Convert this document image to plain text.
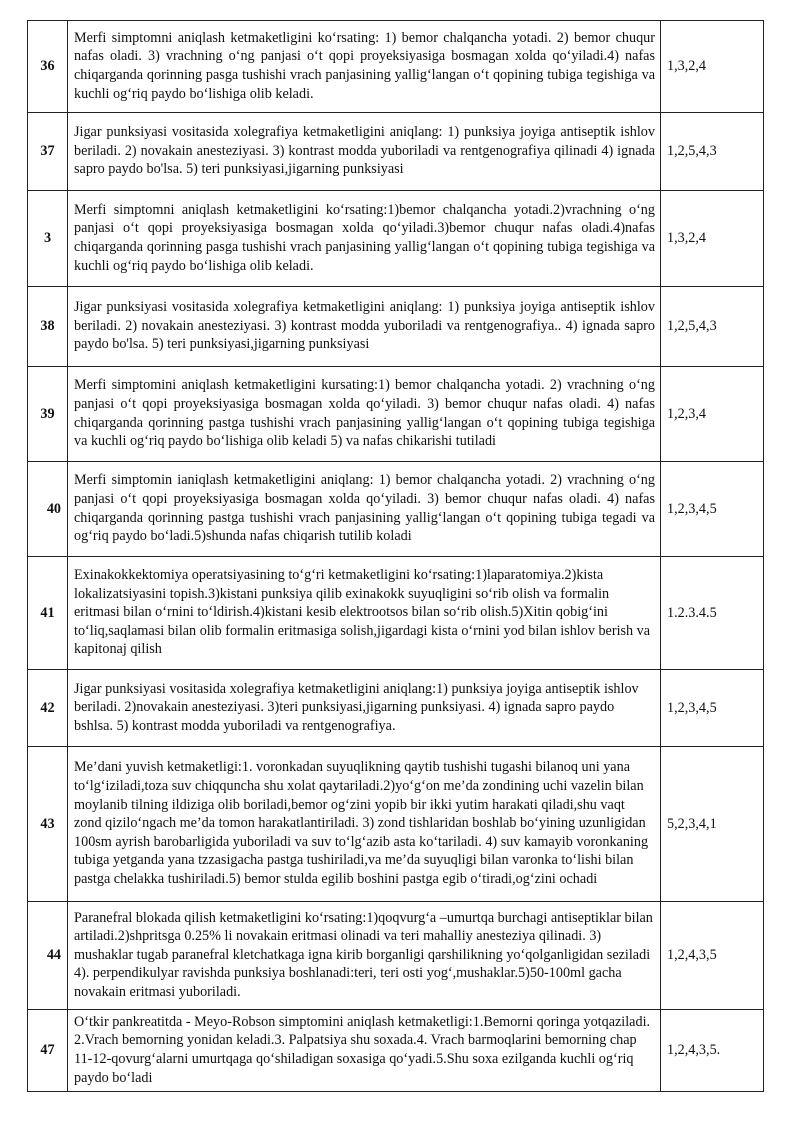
36	Merfi simptomni aniqlash ketmaketligini ko‘rsating: 1) bemor chalqancha yotadi. 2) bemor chuqur nafas oladi. 3) vrachning o‘ng panjasi o‘t qopi proyeksiyasiga bosmagan xolda qo‘yiladi.4) nafas chiqarganda qorinning pasga tushishi vrach panjasining yallig‘langan o‘t qopining tubiga tegishiga va kuchli og‘riq paydo bo‘lishiga olib keladi.	1,3,2,4
37	Jigar punksiyasi vositasida xolegrafiya ketmaketligini aniqlang: 1) punksiya joyiga antiseptik ishlov beriladi. 2) novakain anesteziyasi. 3) kontrast modda yuboriladi va rentgenografiya qilinadi 4) ignada sapro paydo bo'lsa. 5) teri punksiyasi,jigarning punksiyasi	1,2,5,4,3
3	Merfi simptomni aniqlash ketmaketligini ko‘rsating:1)bemor chalqancha yotadi.2)vrachning o‘ng panjasi o‘t qopi proyeksiyasiga bosmagan xolda qo‘yiladi.3)bemor chuqur nafas oladi.4)nafas chiqarganda qorinning pasga tushishi vrach panjasining yallig‘langan o‘t qopining tubiga tegishiga va kuchli og‘riq paydo bo‘lishiga olib keladi.	1,3,2,4
38	Jigar punksiyasi vositasida xolegrafiya ketmaketligini aniqlang: 1) punksiya joyiga antiseptik ishlov beriladi. 2) novakain anesteziyasi. 3) kontrast modda yuboriladi va rentgenografiya.. 4) ignada sapro paydo bo'lsa. 5) teri punksiyasi,jigarning punksiyasi	1,2,5,4,3
39	Merfi simptomini aniqlash ketmaketligini kursating:1) bemor chalqancha yotadi. 2) vrachning o‘ng panjasi o‘t qopi proyeksiyasiga bosmagan xolda qo‘yiladi. 3) bemor chuqur nafas oladi. 4) nafas chiqarganda qorinning pastga tushishi vrach panjasining yallig‘langan o‘t qopining tubiga tegishiga va kuchli og‘riq paydo bo‘lishiga olib keladi 5) va nafas chikarishi tutiladi	1,2,3,4
40	Merfi simptomin ianiqlash ketmaketligini aniqlang: 1) bemor chalqancha yotadi. 2) vrachning o‘ng panjasi o‘t qopi proyeksiyasiga bosmagan xolda qo‘yiladi. 3) bemor chuqur nafas oladi. 4) nafas chiqarganda qorinning pastga tushishi vrach panjasining yallig‘langan o‘t qopining tubiga tegadi va og‘riq paydo bo‘ladi.5)shunda nafas chiqarish tutilib koladi	1,2,3,4,5
41	Exinakokkektomiya operatsiyasining to‘g‘ri ketmaketligini ko‘rsating:1)laparatomiya.2)kista lokalizatsiyasini topish.3)kistani punksiya qilib exinakokk suyuqligini so‘rib olish va formalin eritmasi bilan o‘rnini to‘ldirish.4)kistani kesib elektrootsos bilan so‘rib olish.5)Xitin qobig‘ini to‘liq,saqlamasi bilan olib formalin eritmasiga solish,jigardagi kista o‘rnini yod bilan ishlov berish va kapitonaj qilish	1.2.3.4.5
42	Jigar punksiyasi vositasida xolegrafiya ketmaketligini aniqlang:1) punksiya joyiga antiseptik ishlov beriladi. 2)novakain anesteziyasi. 3)teri punksiyasi,jigarning punksiyasi. 4) ignada sapro paydo bshlsa. 5) kontrast modda yuboriladi va rentgenografiya.	1,2,3,4,5
43	Me’dani yuvish ketmaketligi:1. voronkadan suyuqlikning qaytib tushishi tugashi bilanoq uni yana to‘lg‘iziladi,toza suv chiqquncha shu xolat qaytariladi.2)yo‘g‘on me’da zondining uchi vazelin bilan moylanib tilning ildiziga olib boriladi,bemor og‘zini yopib bir ikki yutim harakati qiladi,shu vaqt zond qizilo‘ngach me’da tomon harakatlantiriladi. 3) zond tishlaridan boshlab bo‘yining uzunligidan 100sm ayrish barobarligida yuboriladi va suv to‘lg‘azib asta ko‘tariladi. 4) suv kamayib voronkaning tubiga yetganda yana tzzasigacha pastga tushiriladi,va me’da suyuqligi bilan varonka to‘lishi bilan pastga chelakka tushiriladi.5) bemor stulda egilib boshini pastga egib o‘tiradi,og‘zini ochadi	5,2,3,4,1
44	Paranefral blokada qilish ketmaketligini ko‘rsating:1)qoqvurg‘a –umurtqa burchagi antiseptiklar bilan artiladi.2)shpritsga 0.25% li novakain eritmasi olinadi va teri mahalliy anesteziya qilinadi. 3) mushaklar tugab paranefral kletchatkaga igna kirib borganligi qarshilikning yo‘qolganligidan seziladi 4). perpendikulyar ravishda punksiya boshlanadi:teri, teri osti yog‘,mushaklar.5)50-100ml gacha novakain eritmasi yuboriladi.	1,2,4,3,5
47	O‘tkir pankreatitda - Meyo-Robson simptomini aniqlash ketmaketligi:1.Bemorni qoringa yotqaziladi. 2.Vrach bemorning yonidan keladi.3. Palpatsiya shu soxada.4. Vrach barmoqlarini bemorning chap 11-12-qovurg‘alarni umurtqaga qo‘shiladigan soxasiga qo‘yadi.5.Shu soxa ezilganda kuchli og‘riq paydo bo‘ladi	1,2,4,3,5.
